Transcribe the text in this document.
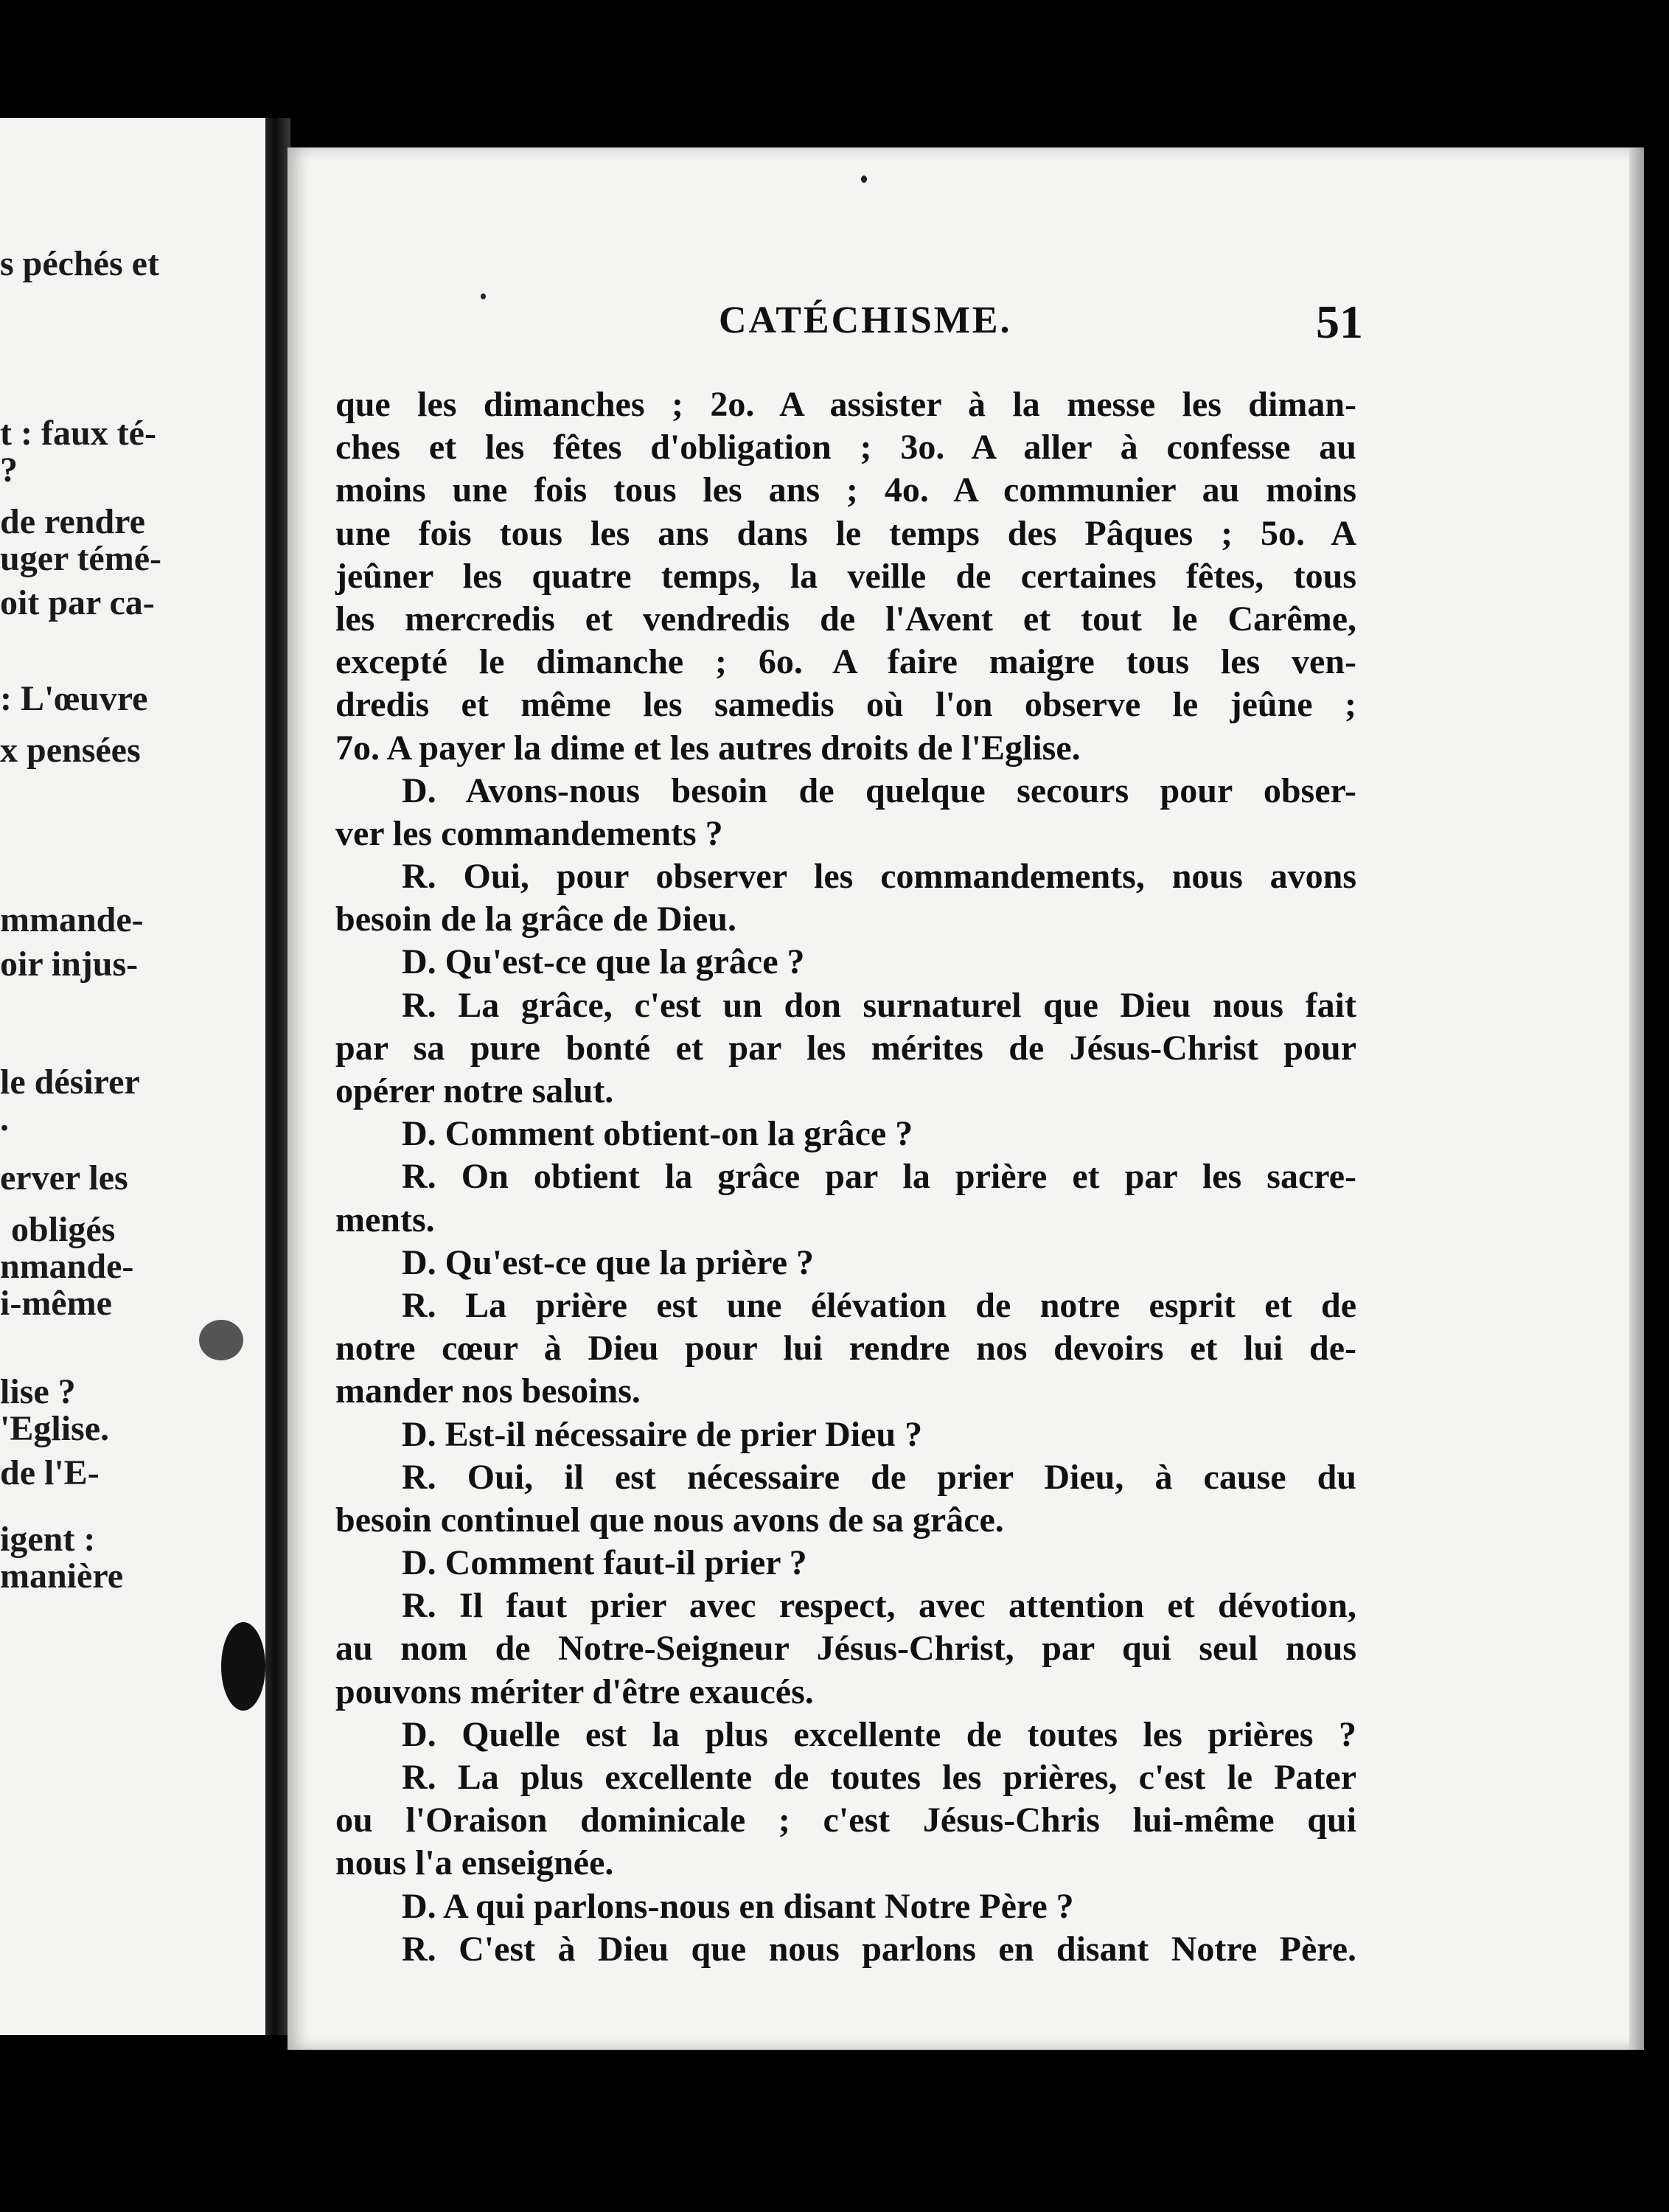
s péchés et
t : faux té-
?
de rendre
uger témé-
oit par ca-
: L'œuvre
x pensées
mmande-
oir injus-
le désirer
.
erver les
obligés
nmande-
i-même
lise ?
'Eglise.
de l'E-
igent :
manière
CATÉCHISME.	51
que les dimanches ; 2o. A assister à la messe les diman-
ches et les fêtes d'obligation ; 3o. A aller à confesse au
moins une fois tous les ans ; 4o. A communier au moins
une fois tous les ans dans le temps des Pâques ; 5o. A
jeûner les quatre temps, la veille de certaines fêtes, tous
les mercredis et vendredis de l'Avent et tout le Carême,
excepté le dimanche ; 6o. A faire maigre tous les ven-
dredis et même les samedis où l'on observe le jeûne ;
7o. A payer la dime et les autres droits de l'Eglise.
D. Avons-nous besoin de quelque secours pour obser-
ver les commandements ?
R. Oui, pour observer les commandements, nous avons
besoin de la grâce de Dieu.
D. Qu'est-ce que la grâce ?
R. La grâce, c'est un don surnaturel que Dieu nous fait
par sa pure bonté et par les mérites de Jésus-Christ pour
opérer notre salut.
D. Comment obtient-on la grâce ?
R. On obtient la grâce par la prière et par les sacre-
ments.
D. Qu'est-ce que la prière ?
R. La prière est une élévation de notre esprit et de
notre cœur à Dieu pour lui rendre nos devoirs et lui de-
mander nos besoins.
D. Est-il nécessaire de prier Dieu ?
R. Oui, il est nécessaire de prier Dieu, à cause du
besoin continuel que nous avons de sa grâce.
D. Comment faut-il prier ?
R. Il faut prier avec respect, avec attention et dévotion,
au nom de Notre-Seigneur Jésus-Christ, par qui seul nous
pouvons mériter d'être exaucés.
D. Quelle est la plus excellente de toutes les prières ?
R. La plus excellente de toutes les prières, c'est le Pater
ou l'Oraison dominicale ; c'est Jésus-Chris lui-même qui
nous l'a enseignée.
D. A qui parlons-nous en disant Notre Père ?
R. C'est à Dieu que nous parlons en disant Notre Père.
